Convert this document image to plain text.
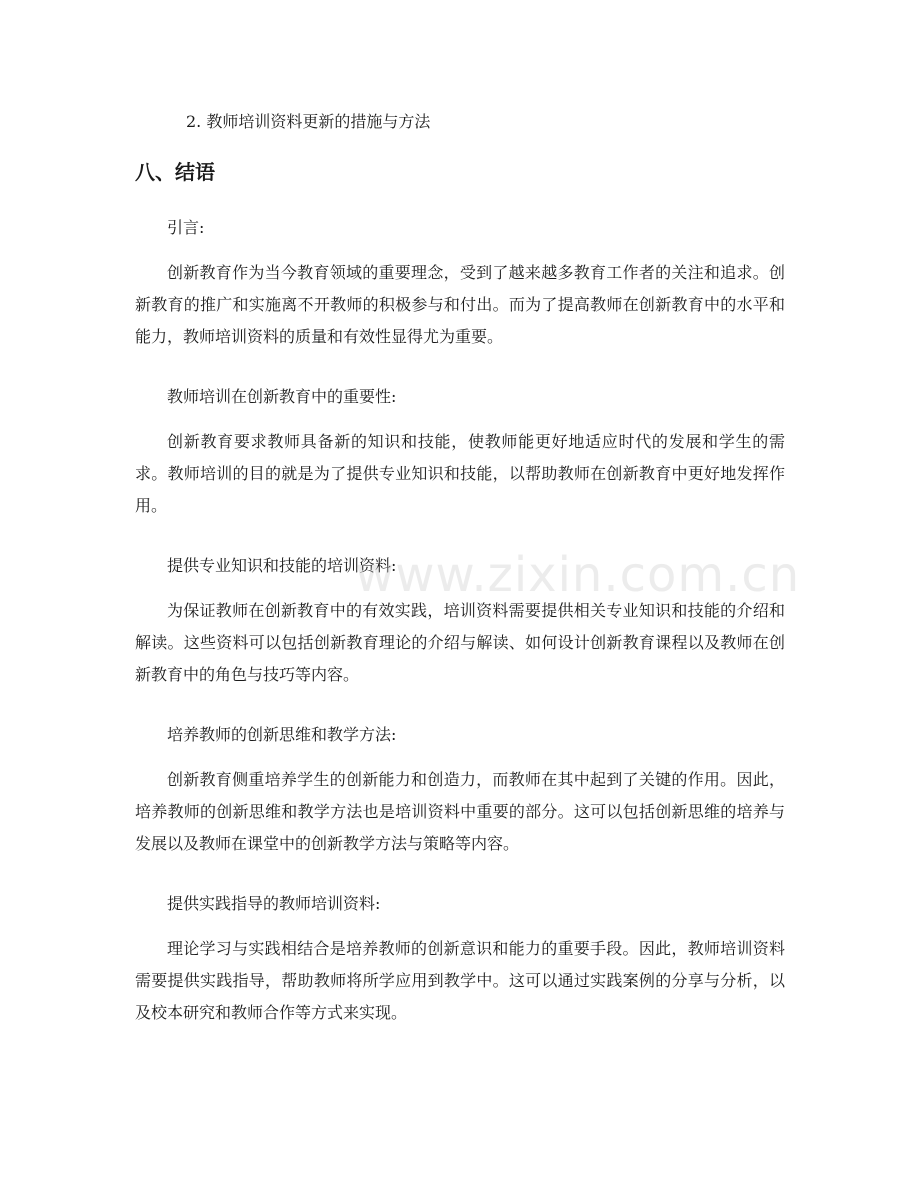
2. 教师培训资料更新的措施与方法
八、结语
引言:

创新教育作为当今教育领域的重要理念，受到了越来越多教育工作者的关注和追求。创新教育的推广和实施离不开教师的积极参与和付出。而为了提高教师在创新教育中的水平和能力，教师培训资料的质量和有效性显得尤为重要。

教师培训在创新教育中的重要性:

创新教育要求教师具备新的知识和技能，使教师能更好地适应时代的发展和学生的需求。教师培训的目的就是为了提供专业知识和技能，以帮助教师在创新教育中更好地发挥作用。

提供专业知识和技能的培训资料:

为保证教师在创新教育中的有效实践，培训资料需要提供相关专业知识和技能的介绍和解读。这些资料可以包括创新教育理论的介绍与解读、如何设计创新教育课程以及教师在创新教育中的角色与技巧等内容。

培养教师的创新思维和教学方法:

创新教育侧重培养学生的创新能力和创造力，而教师在其中起到了关键的作用。因此，培养教师的创新思维和教学方法也是培训资料中重要的部分。这可以包括创新思维的培养与发展以及教师在课堂中的创新教学方法与策略等内容。

提供实践指导的教师培训资料:

理论学习与实践相结合是培养教师的创新意识和能力的重要手段。因此，教师培训资料需要提供实践指导，帮助教师将所学应用到教学中。这可以通过实践案例的分享与分析，以及校本研究和教师合作等方式来实现。

www.zixin.com.cn
